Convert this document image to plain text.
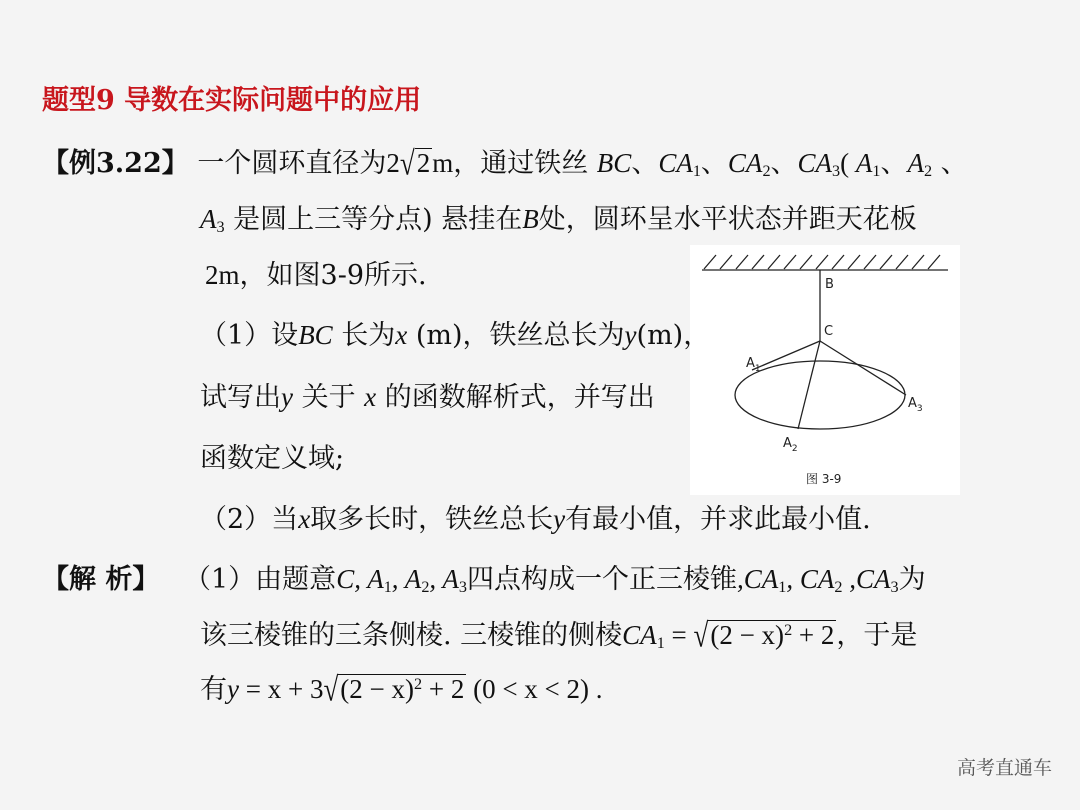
题型9 导数在实际问题中的应用
【例3.22】 一个圆环直径为2√2m，通过铁丝 BC、$CA_1$、$CA_2$、$CA_3$( $A_1$、$A_2$ 、
$A_3$ 是圆上三等分点) 悬挂在B处，圆环呈水平状态并距天花板
2m，如图3-9所示.
（1）设BC 长为x (m)，铁丝总长为y(m)，
试写出y 关于 x 的函数解析式，并写出
函数定义域;
（2）当x取多长时，铁丝总长y有最小值，并求此最小值.
【解 析】 （1）由题意C, $A_1$, $A_2$, $A_3$四点构成一个正三棱锥$,CA_1$, $CA_2$ $,CA_3$为
该三棱锥的三条侧棱. 三棱锥的侧棱$CA_1 = √(2 - x)^2 + 2$，于是
有$y = x + 3√(2 - x)^2 + 2$ (0 < x < 2) .
B
C
$A_1$
$A_2$
$A_3$
图 3-9
高考直通车
